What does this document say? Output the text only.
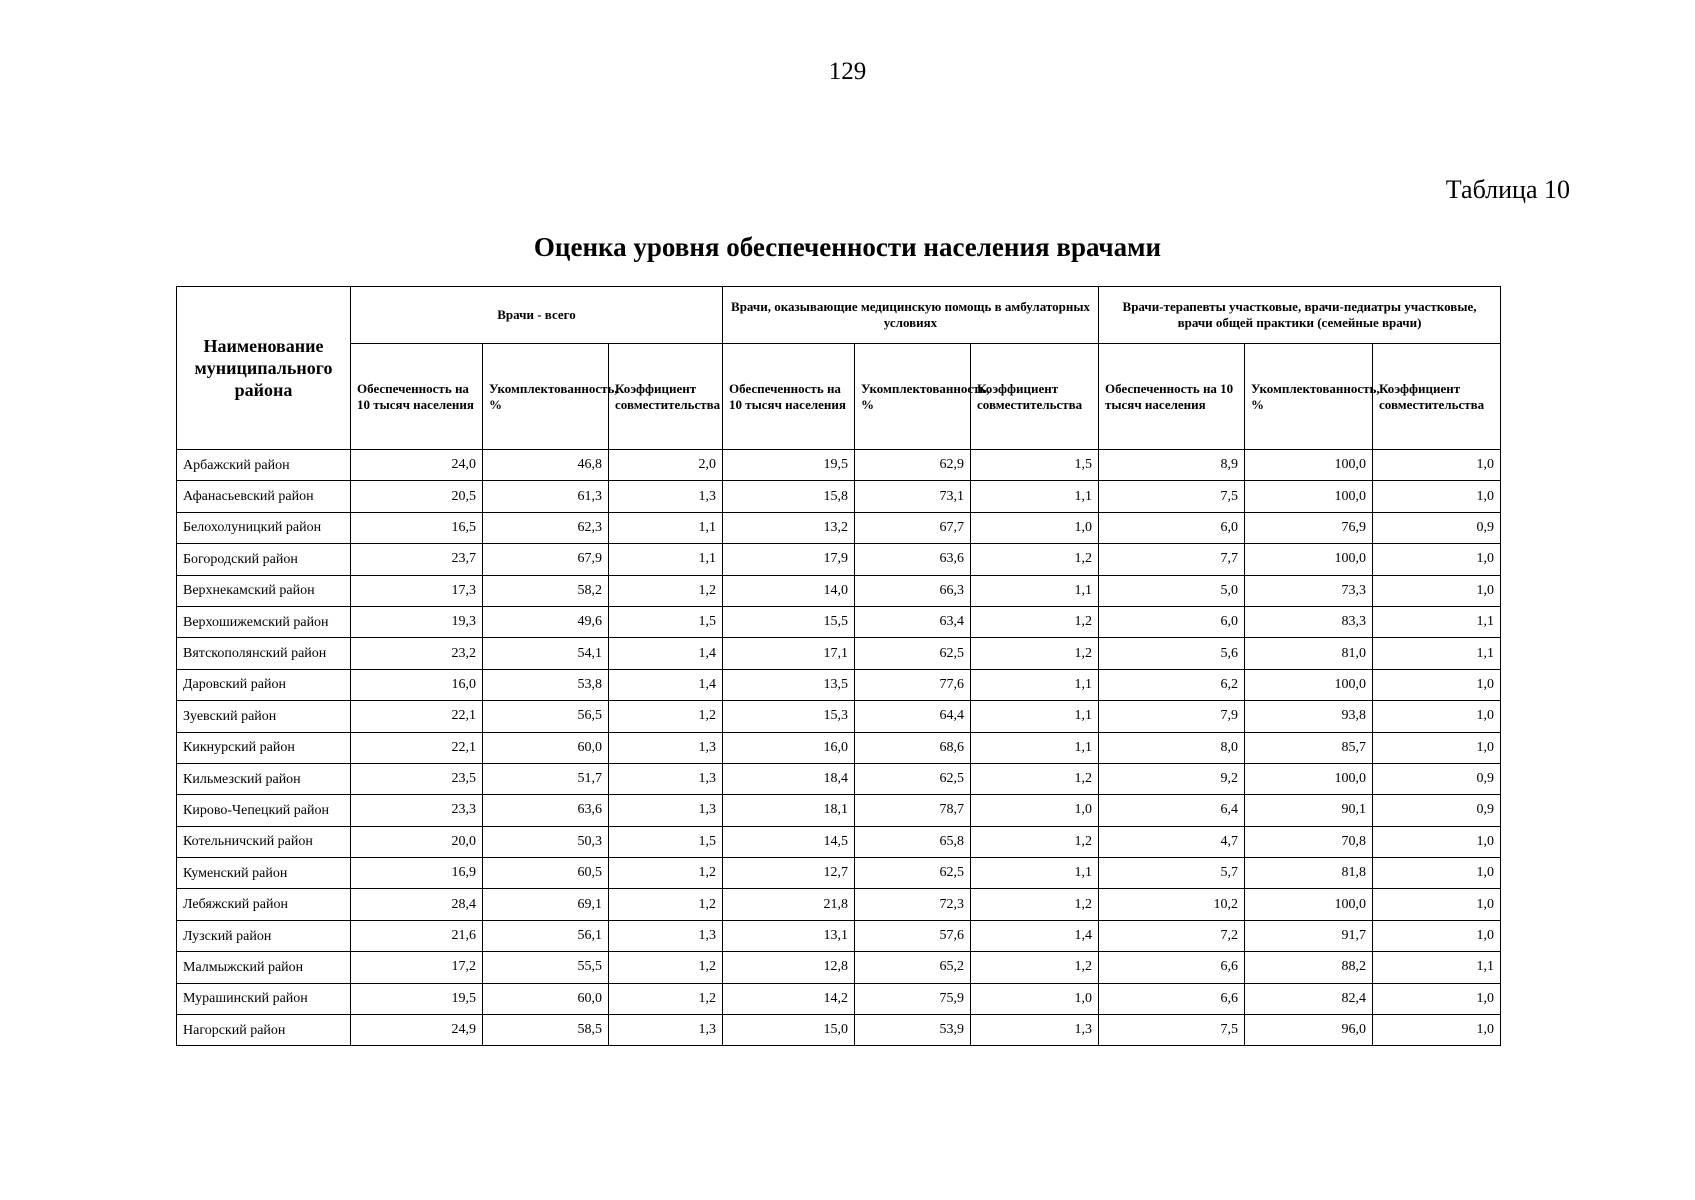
129
Таблица 10
Оценка уровня обеспеченности населения врачами
Наименование муниципального района	Врачи - всего			Врачи, оказывающие медицинскую помощь в амбулаторных условиях			Врачи-терапевты участковые, врачи-педиатры участковые, врачи общей практики (семейные врачи)		
	Обеспеченность на 10 тысяч населения	Укомплектованность, %	Коэффициент совместительства	Обеспеченность на 10 тысяч населения	Укомплектованность, %	Коэффициент совместительства	Обеспеченность на 10 тысяч населения	Укомплектованность, %	Коэффициент совместительства
Арбажский район	24,0	46,8	2,0	19,5	62,9	1,5	8,9	100,0	1,0
Афанасьевский район	20,5	61,3	1,3	15,8	73,1	1,1	7,5	100,0	1,0
Белохолуницкий район	16,5	62,3	1,1	13,2	67,7	1,0	6,0	76,9	0,9
Богородский район	23,7	67,9	1,1	17,9	63,6	1,2	7,7	100,0	1,0
Верхнекамский район	17,3	58,2	1,2	14,0	66,3	1,1	5,0	73,3	1,0
Верхошижемский район	19,3	49,6	1,5	15,5	63,4	1,2	6,0	83,3	1,1
Вятскополянский район	23,2	54,1	1,4	17,1	62,5	1,2	5,6	81,0	1,1
Даровский район	16,0	53,8	1,4	13,5	77,6	1,1	6,2	100,0	1,0
Зуевский район	22,1	56,5	1,2	15,3	64,4	1,1	7,9	93,8	1,0
Кикнурский район	22,1	60,0	1,3	16,0	68,6	1,1	8,0	85,7	1,0
Кильмезский район	23,5	51,7	1,3	18,4	62,5	1,2	9,2	100,0	0,9
Кирово-Чепецкий район	23,3	63,6	1,3	18,1	78,7	1,0	6,4	90,1	0,9
Котельничский район	20,0	50,3	1,5	14,5	65,8	1,2	4,7	70,8	1,0
Куменский район	16,9	60,5	1,2	12,7	62,5	1,1	5,7	81,8	1,0
Лебяжский район	28,4	69,1	1,2	21,8	72,3	1,2	10,2	100,0	1,0
Лузский район	21,6	56,1	1,3	13,1	57,6	1,4	7,2	91,7	1,0
Малмыжский район	17,2	55,5	1,2	12,8	65,2	1,2	6,6	88,2	1,1
Мурашинский район	19,5	60,0	1,2	14,2	75,9	1,0	6,6	82,4	1,0
Нагорский район	24,9	58,5	1,3	15,0	53,9	1,3	7,5	96,0	1,0
